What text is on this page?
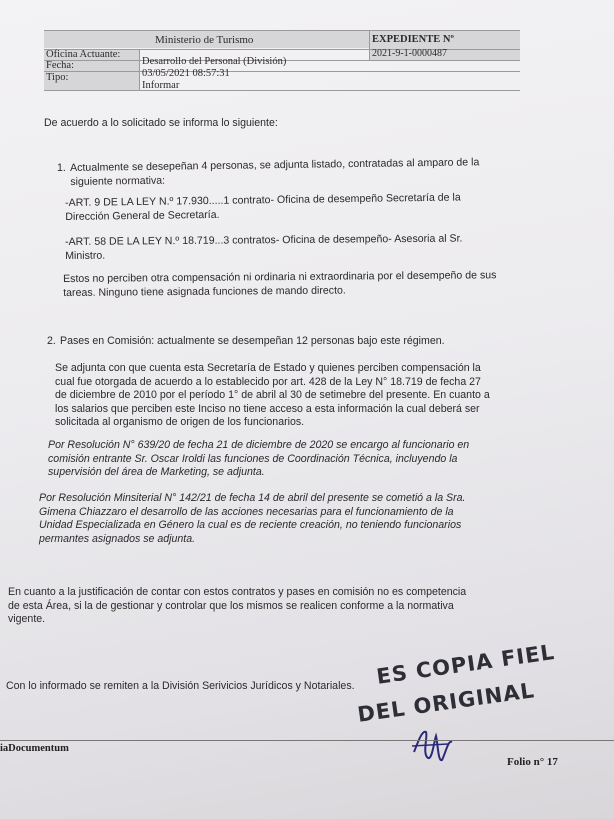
Ministerio de Turismo	EXPEDIENTE Nº
2021-9-1-0000487
Oficina Actuante:
Desarrollo del Personal (División)
Fecha:
03/05/2021 08:57:31
Tipo:
Informar
De acuerdo a lo solicitado se informa lo siguiente:
1. Actualmente se desepeñan 4 personas, se adjunta listado, contratadas al amparo de la

siguiente normativa:

-ART. 9 DE LA LEY N.º 17.930.....1 contrato- Oficina de desempeño Secretaría de la

Dirección General de Secretaría.

-ART. 58 DE LA LEY N.º 18.719...3 contratos- Oficina de desempeño- Asesoria al Sr.

Ministro.

Estos no perciben otra compensación ni ordinaria ni extraordinaria por el desempeño de sus

tareas. Ninguno tiene asignada funciones de mando directo.

2. Pases en Comisión: actualmente se desempeñan 12 personas bajo este régimen.

Se adjunta con que cuenta esta Secretaría de Estado y quienes perciben compensación la

cual fue otorgada de acuerdo a lo establecido por art. 428 de la Ley N° 18.719 de fecha 27

de diciembre de 2010 por el período 1° de abril al 30 de setimebre del presente. En cuanto a

los salarios que perciben este Inciso no tiene acceso a esta información la cual deberá ser

solicitada al organismo de origen de los funcionarios.

Por Resolución N° 639/20 de fecha 21 de diciembre de 2020 se encargo al funcionario en

comisión entrante Sr. Oscar Iroldi las funciones de Coordinación Técnica, incluyendo la

supervisión del área de Marketing, se adjunta.

Por Resolución Minsiterial N° 142/21 de fecha 14 de abril del presente se cometió a la Sra.

Gimena Chiazzaro el desarrollo de las acciones necesarias para el funcionamiento de la

Unidad Especializada en Género la cual es de reciente creación, no teniendo funcionarios

permantes asignados se adjunta.

En cuanto a la justificación de contar con estos contratos y pases en comisión no es competencia

de esta Área, si la de gestionar y controlar que los mismos se realicen conforme a la normativa

vigente.

Con lo informado se remiten a la División Serivicios Jurídicos y Notariales. ES COPIA FIEL
DEL ORIGINAL
iaDocumentum
Folio n° 17
